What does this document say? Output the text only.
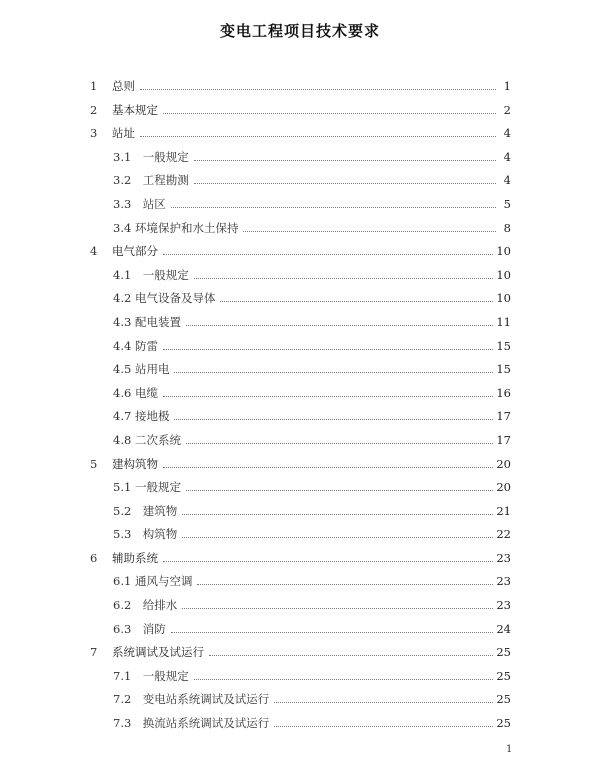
变电工程项目技术要求
1	总则	1
2	基本规定	2
3	站址	4
3.1　一般规定	4
3.2　工程勘测	4
3.3　站区	5
3.4 环境保护和水土保持	8
4	电气部分	10
4.1　一般规定	10
4.2 电气设备及导体	10
4.3 配电装置	11
4.4 防雷	15
4.5 站用电	15
4.6 电缆	16
4.7 接地极	17
4.8 二次系统	17
5	建构筑物	20
5.1 一般规定	20
5.2　建筑物	21
5.3　构筑物	22
6	辅助系统	23
6.1 通风与空调	23
6.2　给排水	23
6.3　消防	24
7	系统调试及试运行	25
7.1　一般规定	25
7.2　变电站系统调试及试运行	25
7.3　换流站系统调试及试运行	25
1
